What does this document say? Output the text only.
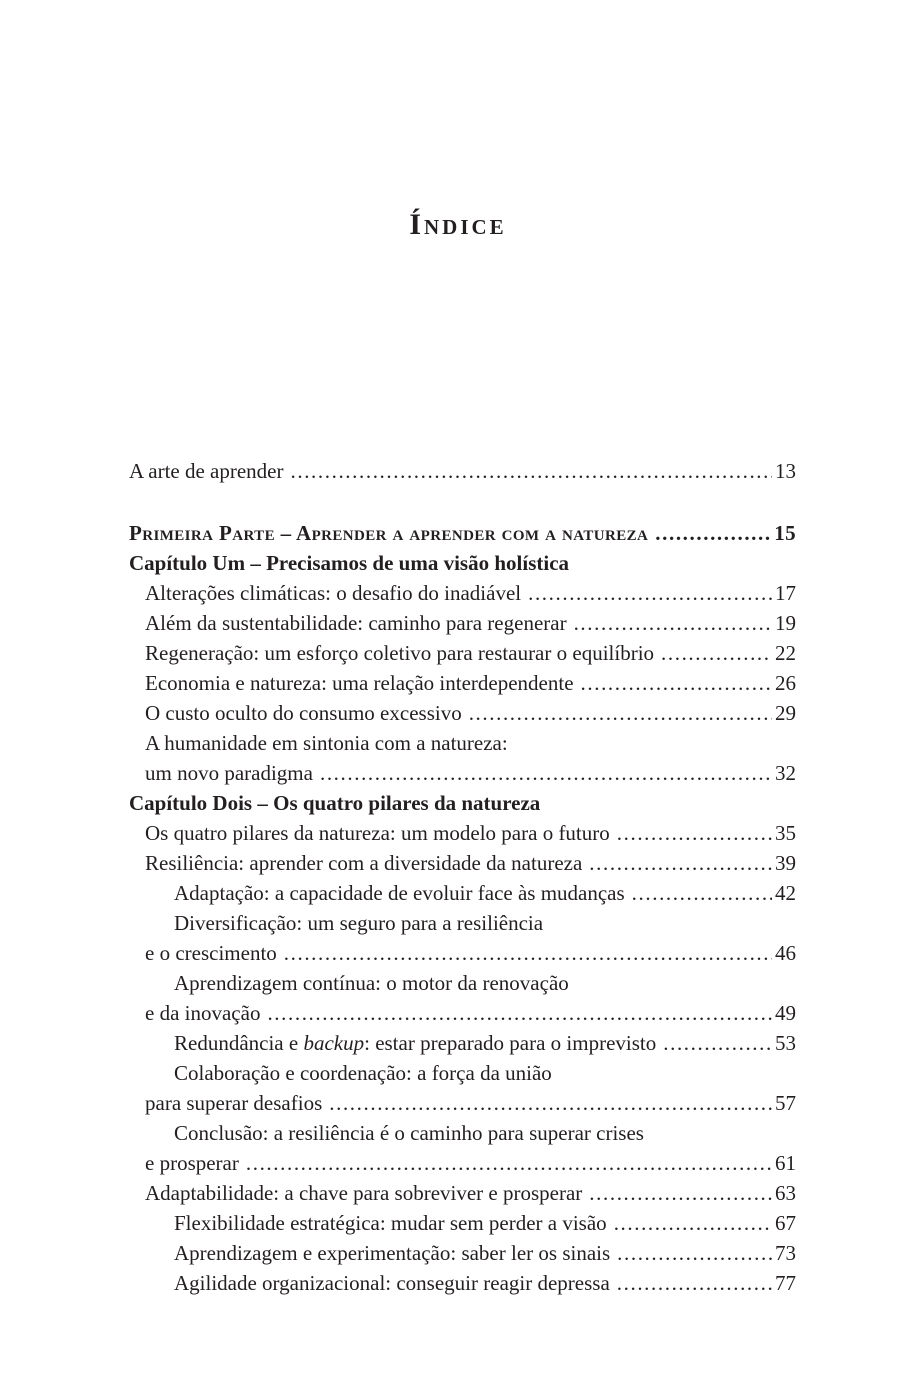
Índice
A arte de aprender .....	13
Primeira Parte – Aprender a aprender com a natureza .....	15
Capítulo Um – Precisamos de uma visão holística
Alterações climáticas: o desafio do inadiável .....	17
Além da sustentabilidade: caminho para regenerar .....	19
Regeneração: um esforço coletivo para restaurar o equilíbrio .....	22
Economia e natureza: uma relação interdependente .....	26
O custo oculto do consumo excessivo .....	29
A humanidade em sintonia com a natureza:
um novo paradigma .....	32
Capítulo Dois – Os quatro pilares da natureza
Os quatro pilares da natureza: um modelo para o futuro .....	35
Resiliência: aprender com a diversidade da natureza .....	39
Adaptação: a capacidade de evoluir face às mudanças .....	42
Diversificação: um seguro para a resiliência
e o crescimento .....	46
Aprendizagem contínua: o motor da renovação
e da inovação .....	49
Redundância e backup: estar preparado para o imprevisto .....	53
Colaboração e coordenação: a força da união
para superar desafios .....	57
Conclusão: a resiliência é o caminho para superar crises
e prosperar .....	61
Adaptabilidade: a chave para sobreviver e prosperar .....	63
Flexibilidade estratégica: mudar sem perder a visão .....	67
Aprendizagem e experimentação: saber ler os sinais .....	73
Agilidade organizacional: conseguir reagir depressa .....	77
